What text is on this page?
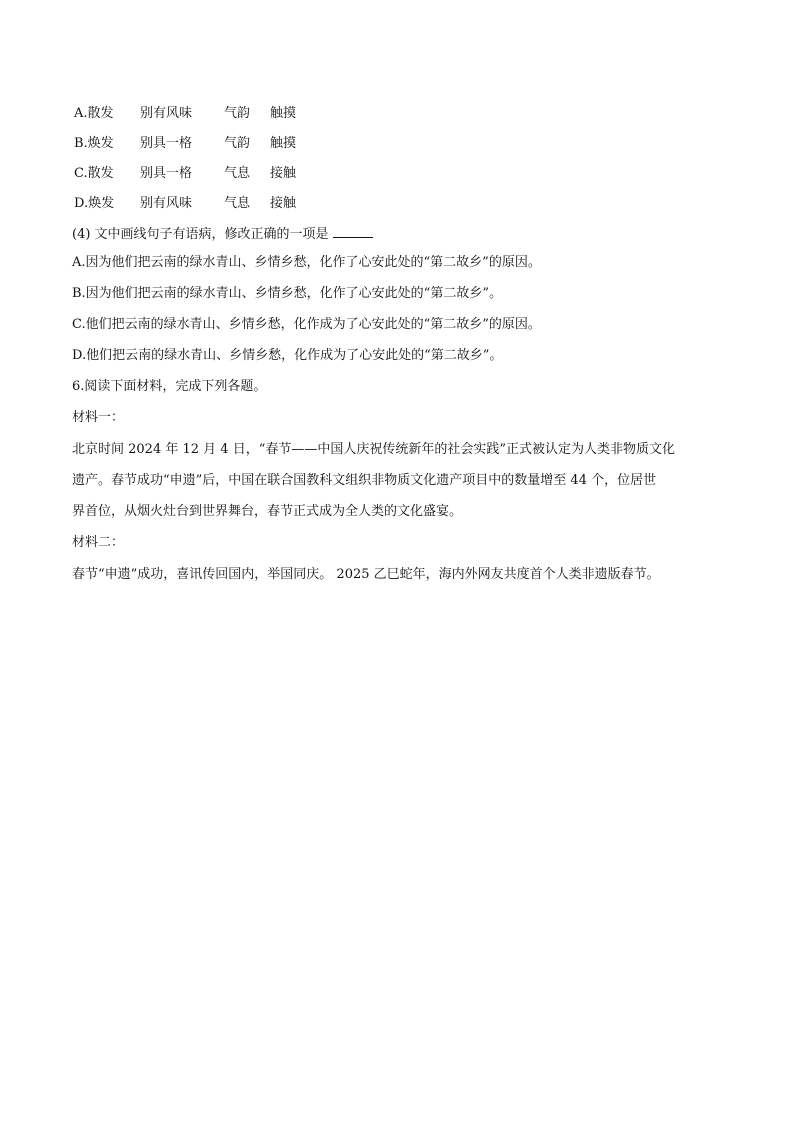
A.散发	别有风味	气韵	触摸
B.焕发	别具一格	气韵	触摸
C.散发	别具一格	气息	接触
D.焕发	别有风味	气息	接触
(4) 文中画线句子有语病，修改正确的一项是
A.因为他们把云南的绿水青山、乡情乡愁，化作了心安此处的“第二故乡”的原因。
B.因为他们把云南的绿水青山、乡情乡愁，化作了心安此处的“第二故乡”。
C.他们把云南的绿水青山、乡情乡愁，化作成为了心安此处的“第二故乡”的原因。
D.他们把云南的绿水青山、乡情乡愁，化作成为了心安此处的“第二故乡”。
6.阅读下面材料，完成下列各题。
材料一：
北京时间 2024 年 12 月 4 日，“春节——中国人庆祝传统新年的社会实践”正式被认定为人类非物质文化
遗产。春节成功“申遗”后，中国在联合国教科文组织非物质文化遗产项目中的数量增至 44 个，位居世
界首位，从烟火灶台到世界舞台，春节正式成为全人类的文化盛宴。
材料二：
春节“申遗”成功，喜讯传回国内，举国同庆。 2025 乙巳蛇年，海内外网友共度首个人类非遗版春节。
